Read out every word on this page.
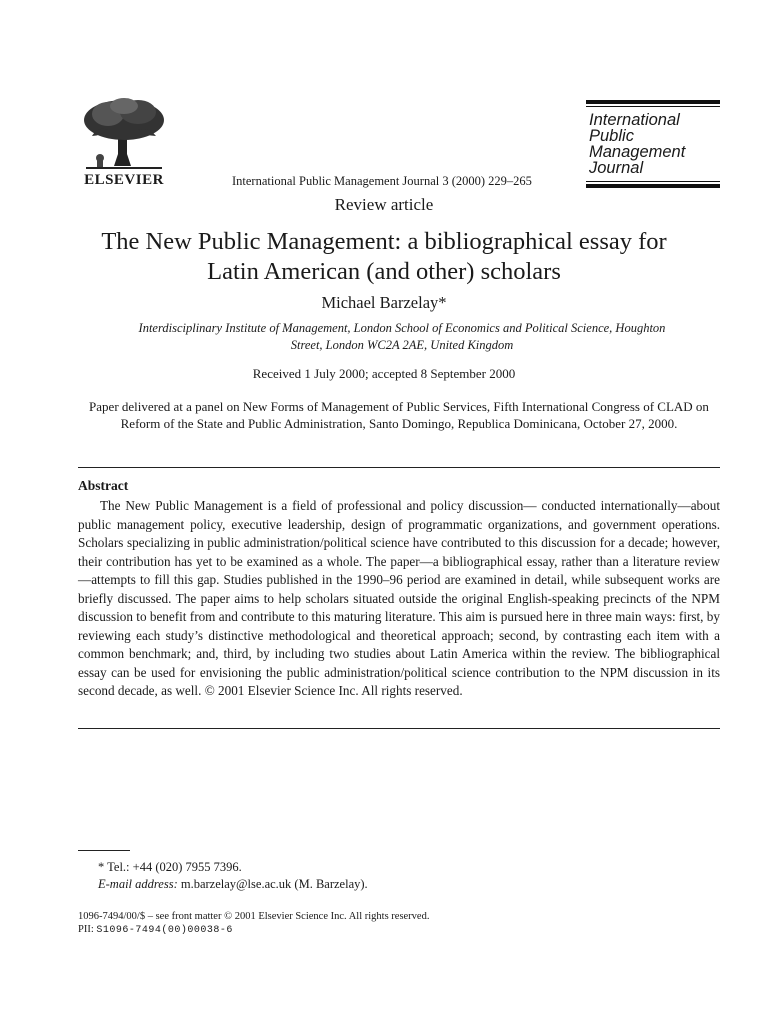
ELSEVIER	International Public Management Journal 3 (2000) 229–265
International
Public
Management
Journal
Review article
The New Public Management: a bibliographical essay for
Latin American (and other) scholars
Michael Barzelay*
Interdisciplinary Institute of Management, London School of Economics and Political Science, Houghton
Street, London WC2A 2AE, United Kingdom
Received 1 July 2000; accepted 8 September 2000
Paper delivered at a panel on New Forms of Management of Public Services, Fifth International Congress of CLAD on Reform of the State and Public Administration, Santo Domingo, Republica Dominicana, October 27, 2000.
Abstract

The New Public Management is a field of professional and policy discussion— conducted internationally—about public management policy, executive leadership, design of programmatic organizations, and government operations. Scholars specializing in public administration/political science have contributed to this discussion for a decade; however, their contribution has yet to be examined as a whole. The paper—a bibliographical essay, rather than a literature review—attempts to fill this gap. Studies published in the 1990–96 period are examined in detail, while subsequent works are briefly discussed. The paper aims to help scholars situated outside the original English-speaking precincts of the NPM discussion to benefit from and contribute to this maturing literature. This aim is pursued here in three main ways: first, by reviewing each study’s distinctive methodological and theoretical approach; second, by contrasting each item with a common benchmark; and, third, by including two studies about Latin America within the review. The bibliographical essay can be used for envisioning the public administration/political science contribution to the NPM discussion in its second decade, as well. © 2001 Elsevier Science Inc. All rights reserved.

* Tel.: +44 (020) 7955 7396.
E-mail address: m.barzelay@lse.ac.uk (M. Barzelay).
1096-7494/00/$ – see front matter © 2001 Elsevier Science Inc. All rights reserved.
PII: S1096-7494(00)00038-6
